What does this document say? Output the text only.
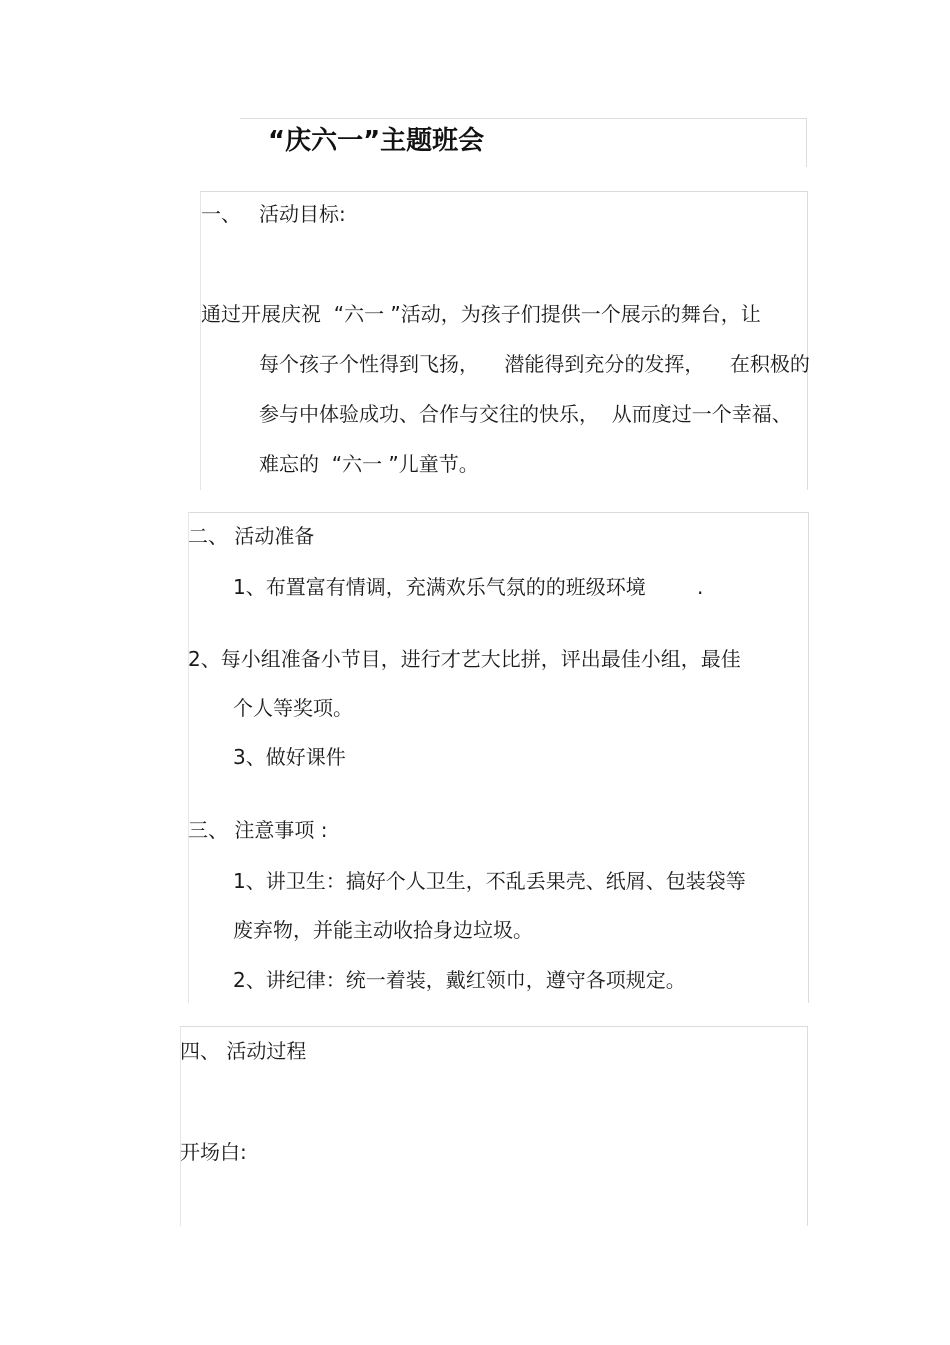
“庆六一”主题班会

一、 活动目标:

通过开展庆祝  “六一 ”活动，为孩子们提供一个展示的舞台，让

每个孩子个性得到飞扬，    潜能得到充分的发挥，    在积极的

参与中体验成功、合作与交往的快乐，  从而度过一个幸福、

难忘的  “六一 ”儿童节。

二、 活动准备

1、布置富有情调，充满欢乐气氛的的班级环境	.

2、每小组准备小节目，进行才艺大比拼，评出最佳小组，最佳

个人等奖项。

3、做好课件

三、 注意事项 :

1、讲卫生：搞好个人卫生，不乱丢果壳、纸屑、包装袋等

废弃物，并能主动收拾身边垃圾。

2、讲纪律：统一着装，戴红领巾，遵守各项规定。

四、 活动过程

开场白:
